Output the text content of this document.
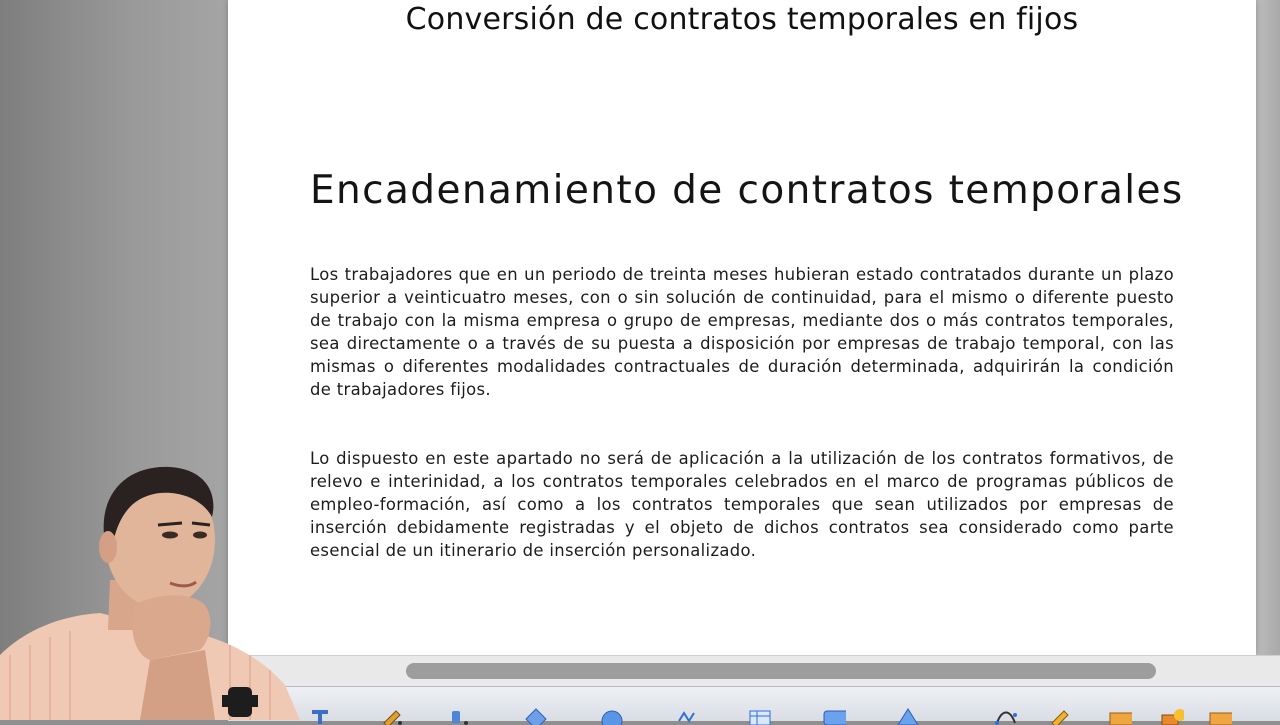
Conversión de contratos temporales en fijos
Encadenamiento de contratos temporales
Los trabajadores que en un periodo de treinta meses hubieran estado contratados durante un plazo superior a veinticuatro meses, con o sin solución de continuidad, para el mismo o diferente puesto de trabajo con la misma empresa o grupo de empresas, mediante dos o más contratos temporales, sea directamente o a través de su puesta a disposición por empresas de trabajo temporal, con las mismas o diferentes modalidades contractuales de duración determinada, adquirirán la condición de trabajadores fijos.
Lo dispuesto en este apartado no será de aplicación a la utilización de los contratos formativos, de relevo e interinidad, a los contratos temporales celebrados en el marco de programas públicos de empleo-formación, así como a los contratos temporales que sean utilizados por empresas de inserción debidamente registradas y el objeto de dichos contratos sea considerado como parte esencial de un itinerario de inserción personalizado.
